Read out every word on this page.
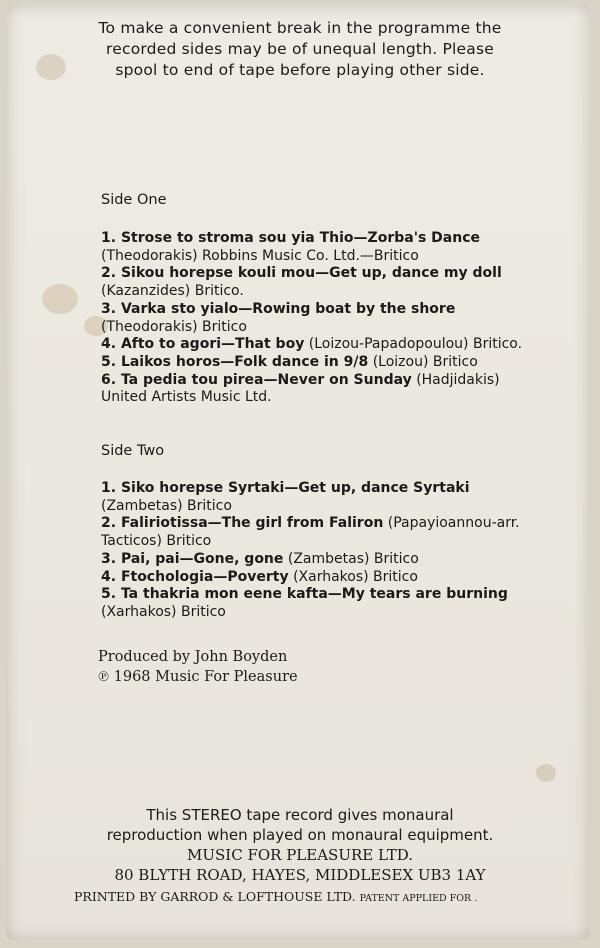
To make a convenient break in the programme the
recorded sides may be of unequal length. Please
spool to end of tape before playing other side.
Side One

1. Strose to stroma sou yia Thio—Zorba's Dance (Theodorakis) Robbins Music Co. Ltd.—Britico

2. Sikou horepse kouli mou—Get up, dance my doll (Kazanzides) Britico.

3. Varka sto yialo—Rowing boat by the shore (Theodorakis) Britico

4. Afto to agori—That boy (Loizou-Papadopoulou) Britico.

5. Laikos horos—Folk dance in 9/8 (Loizou) Britico

6. Ta pedia tou pirea—Never on Sunday (Hadjidakis) United Artists Music Ltd.

Side Two

1. Siko horepse Syrtaki—Get up, dance Syrtaki (Zambetas) Britico

2. Faliriotissa—The girl from Faliron (Papayioannou-arr. Tacticos) Britico

3. Pai, pai—Gone, gone (Zambetas) Britico

4. Ftochologia—Poverty (Xarhakos) Britico

5. Ta thakria mon eene kafta—My tears are burning (Xarhakos) Britico

Produced by John Boyden
℗ 1968 Music For Pleasure
This STEREO tape record gives monaural
reproduction when played on monaural equipment.
MUSIC FOR PLEASURE LTD.
80 BLYTH ROAD, HAYES, MIDDLESEX UB3 1AY
PRINTED BY GARROD & LOFTHOUSE LTD. PATENT APPLIED FOR .
